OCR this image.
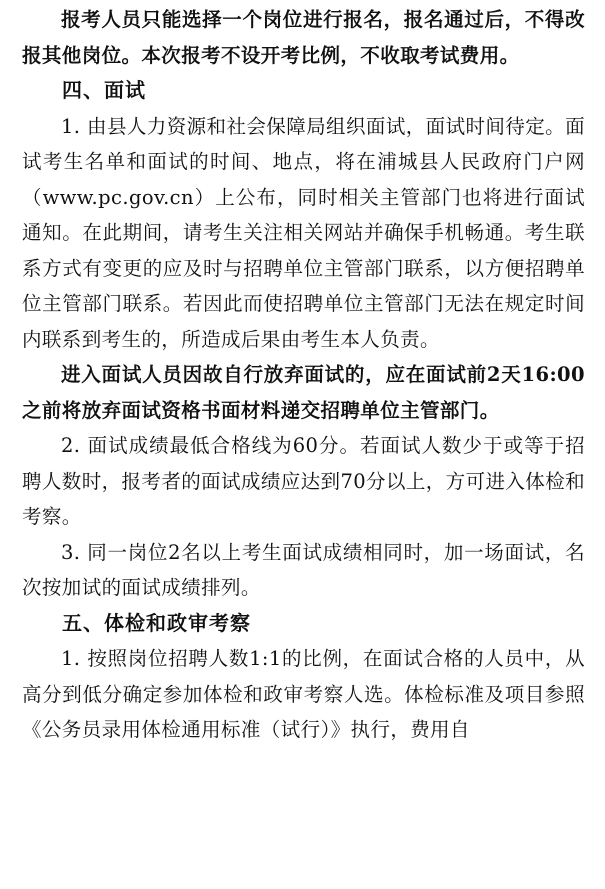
报考人员只能选择一个岗位进行报名，报名通过后，不得改报其他岗位。本次报考不设开考比例，不收取考试费用。

四、面试

1. 由县人力资源和社会保障局组织面试，面试时间待定。面试考生名单和面试的时间、地点，将在浦城县人民政府门户网（www.pc.gov.cn）上公布，同时相关主管部门也将进行面试通知。在此期间，请考生关注相关网站并确保手机畅通。考生联系方式有变更的应及时与招聘单位主管部门联系，以方便招聘单位主管部门联系。若因此而使招聘单位主管部门无法在规定时间内联系到考生的，所造成后果由考生本人负责。

进入面试人员因故自行放弃面试的，应在面试前2天16:00之前将放弃面试资格书面材料递交招聘单位主管部门。

2. 面试成绩最低合格线为60分。若面试人数少于或等于招聘人数时，报考者的面试成绩应达到70分以上，方可进入体检和考察。

3. 同一岗位2名以上考生面试成绩相同时，加一场面试，名次按加试的面试成绩排列。

五、体检和政审考察

1. 按照岗位招聘人数1:1的比例，在面试合格的人员中，从高分到低分确定参加体检和政审考察人选。体检标准及项目参照《公务员录用体检通用标准（试行）》执行，费用自
